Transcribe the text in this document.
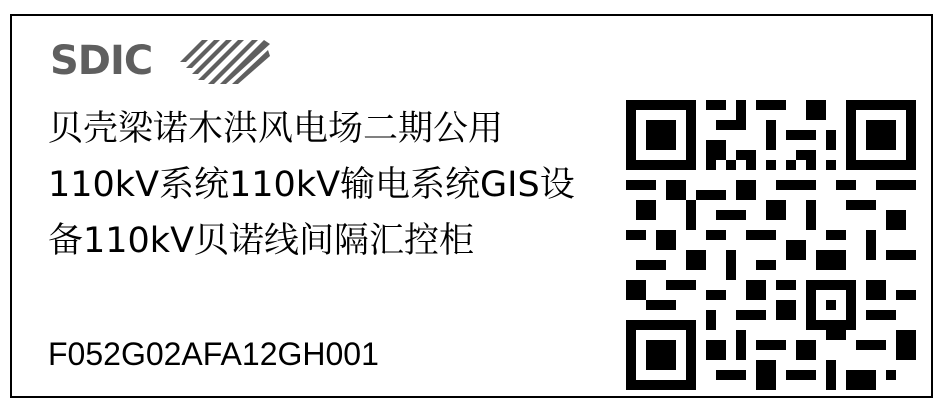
SDIC
贝壳梁诺木洪风电场二期公用110kV系统110kV输电系统GIS设备110kV贝诺线间隔汇控柜
F052G02AFA12GH001
